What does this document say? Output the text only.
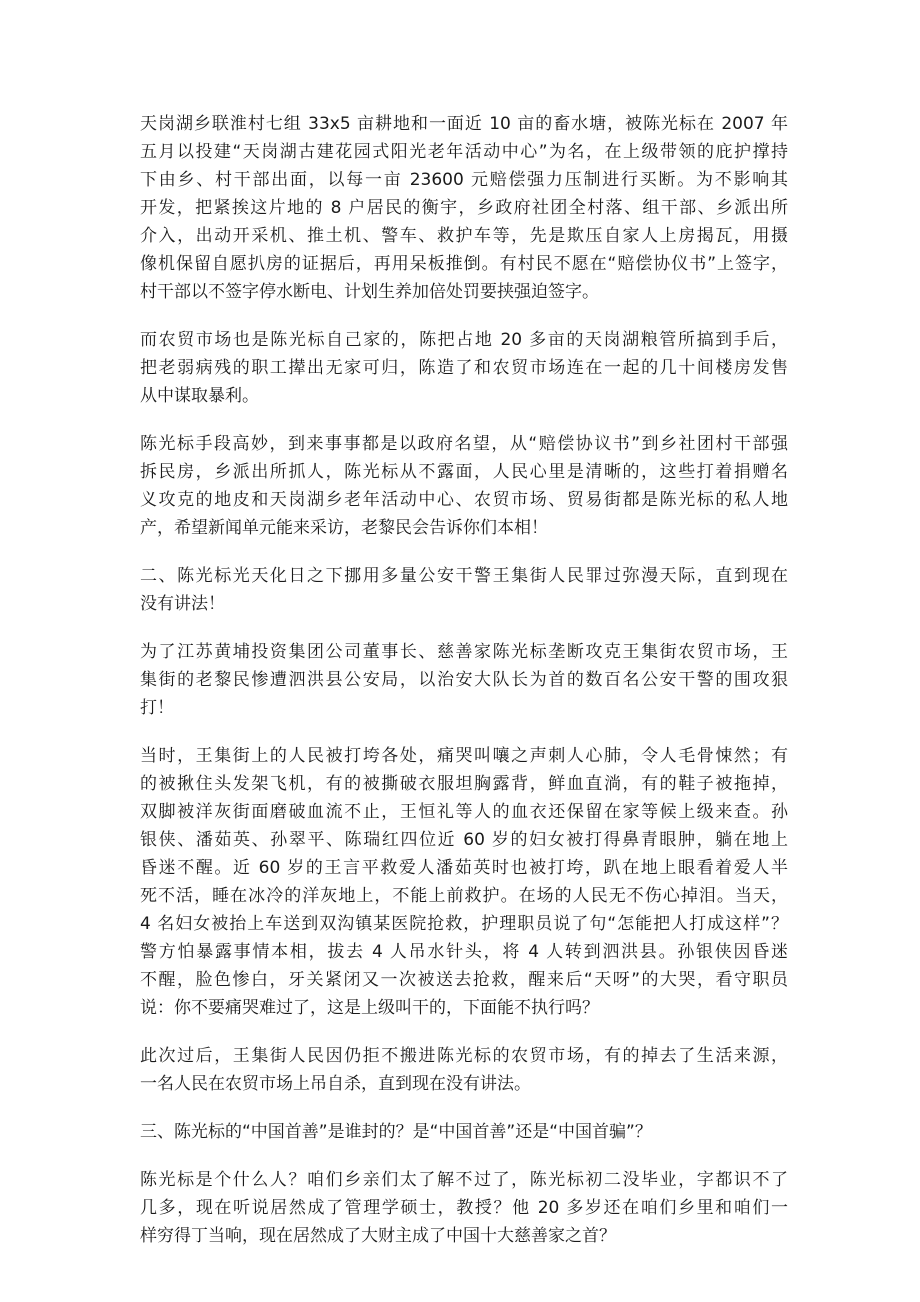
天岗湖乡联淮村七组 33x5 亩耕地和一面近 10 亩的畜水塘，被陈光标在 2007 年
五月以投建“天岗湖古建花园式阳光老年活动中心”为名，在上级带领的庇护撑持
下由乡、村干部出面，以每一亩 23600 元赔偿强力压制进行买断。为不影响其
开发，把紧挨这片地的 8 户居民的衡宇，乡政府社团全村落、组干部、乡派出所
介入，出动开采机、推土机、警车、救护车等，先是欺压自家人上房揭瓦，用摄
像机保留自愿扒房的证据后，再用呆板推倒。有村民不愿在“赔偿协仪书”上签字，
村干部以不签字停水断电、计划生养加倍处罚要挟强迫签字。
而农贸市场也是陈光标自己家的，陈把占地 20 多亩的天岗湖粮管所搞到手后，
把老弱病残的职工撵出无家可归，陈造了和农贸市场连在一起的几十间楼房发售
从中谋取暴利。
陈光标手段高妙，到来事事都是以政府名望，从“赔偿协议书”到乡社团村干部强
拆民房，乡派出所抓人，陈光标从不露面，人民心里是清晰的，这些打着捐赠名
义攻克的地皮和天岗湖乡老年活动中心、农贸市场、贸易街都是陈光标的私人地
产，希望新闻单元能来采访，老黎民会告诉你们本相！
二、陈光标光天化日之下挪用多量公安干警王集街人民罪过弥漫天际，直到现在
没有讲法！
为了江苏黄埔投资集团公司董事长、慈善家陈光标垄断攻克王集街农贸市场，王
集街的老黎民惨遭泗洪县公安局，以治安大队长为首的数百名公安干警的围攻狠
打！
当时，王集街上的人民被打垮各处，痛哭叫嚷之声刺人心肺，令人毛骨悚然；有
的被揪住头发架飞机，有的被撕破衣服坦胸露背，鲜血直淌，有的鞋子被拖掉，
双脚被洋灰街面磨破血流不止，王恒礼等人的血衣还保留在家等候上级来查。孙
银侠、潘茹英、孙翠平、陈瑞红四位近 60 岁的妇女被打得鼻青眼肿，躺在地上
昏迷不醒。近 60 岁的王言平救爱人潘茹英时也被打垮，趴在地上眼看着爱人半
死不活，睡在冰冷的洋灰地上，不能上前救护。在场的人民无不伤心掉泪。当天，
4 名妇女被抬上车送到双沟镇某医院抢救，护理职员说了句“怎能把人打成这样”？
警方怕暴露事情本相，拔去 4 人吊水针头，将 4 人转到泗洪县。孙银侠因昏迷
不醒，脸色惨白，牙关紧闭又一次被送去抢救，醒来后“天呀”的大哭，看守职员
说：你不要痛哭难过了，这是上级叫干的，下面能不执行吗？
此次过后，王集街人民因仍拒不搬进陈光标的农贸市场，有的掉去了生活来源，
一名人民在农贸市场上吊自杀，直到现在没有讲法。
三、陈光标的“中国首善”是谁封的？是“中国首善”还是“中国首骗”？
陈光标是个什么人？咱们乡亲们太了解不过了，陈光标初二没毕业，字都识不了
几多，现在听说居然成了管理学硕士，教授？他 20 多岁还在咱们乡里和咱们一
样穷得丁当响，现在居然成了大财主成了中国十大慈善家之首？
